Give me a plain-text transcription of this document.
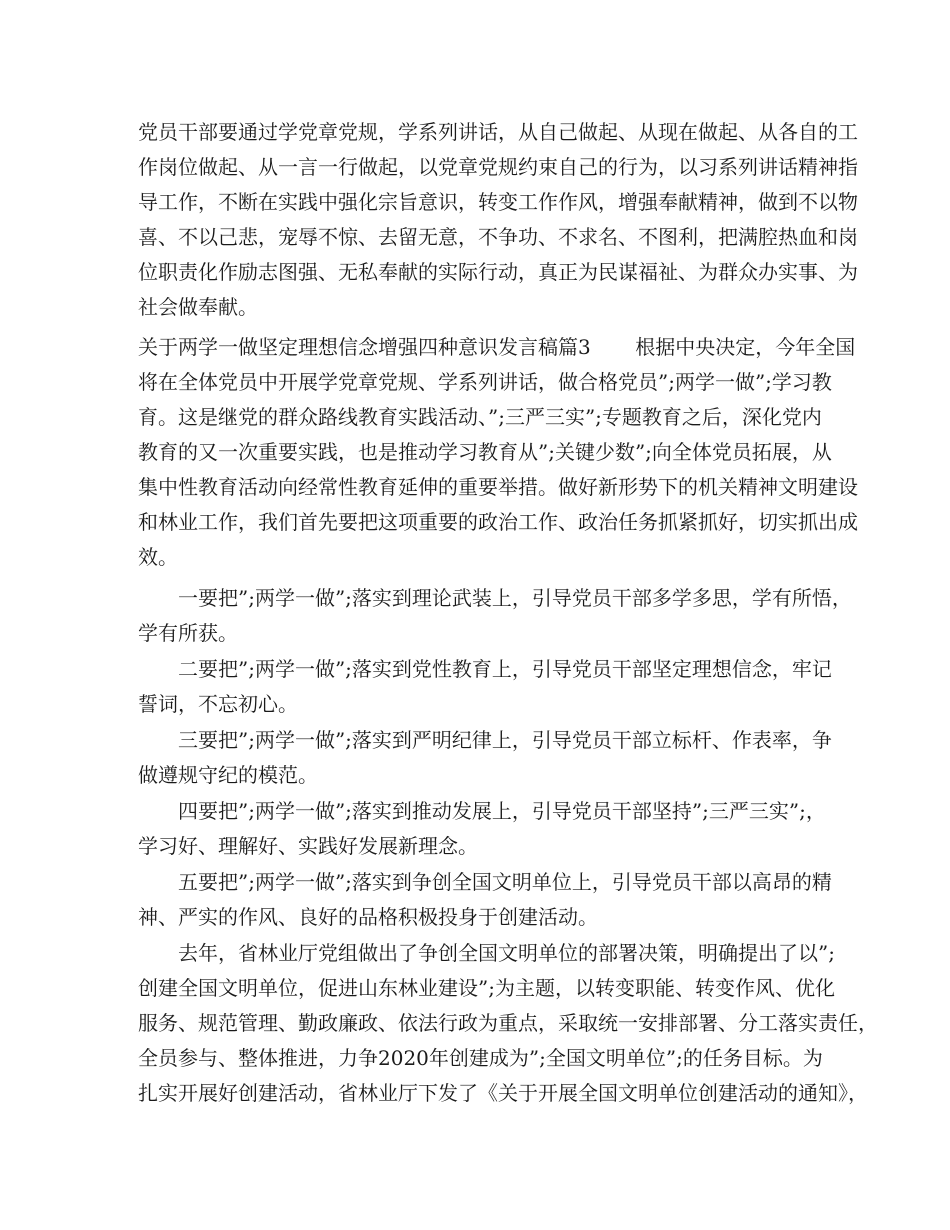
党员干部要通过学党章党规，学系列讲话，从自己做起、从现在做起、从各自的工

作岗位做起、从一言一行做起，以党章党规约束自己的行为，以习系列讲话精神指

导工作，不断在实践中强化宗旨意识，转变工作作风，增强奉献精神，做到不以物

喜、不以己悲，宠辱不惊、去留无意，不争功、不求名、不图利，把满腔热血和岗

位职责化作励志图强、无私奉献的实际行动，真正为民谋福祉、为群众办实事、为

社会做奉献。

关于两学一做坚定理想信念增强四种意识发言稿篇3       根据中央决定，今年全国

将在全体党员中开展学党章党规、学系列讲话，做合格党员”;两学一做”;学习教

育。这是继党的群众路线教育实践活动、”;三严三实”;专题教育之后，深化党内

教育的又一次重要实践，也是推动学习教育从”;关键少数”;向全体党员拓展，从

集中性教育活动向经常性教育延伸的重要举措。做好新形势下的机关精神文明建设

和林业工作，我们首先要把这项重要的政治工作、政治任务抓紧抓好，切实抓出成

效。

一要把”;两学一做”;落实到理论武装上，引导党员干部多学多思，学有所悟，

学有所获。

二要把”;两学一做”;落实到党性教育上，引导党员干部坚定理想信念，牢记

誓词，不忘初心。

三要把”;两学一做”;落实到严明纪律上，引导党员干部立标杆、作表率，争

做遵规守纪的模范。

四要把”;两学一做”;落实到推动发展上，引导党员干部坚持”;三严三实”;，

学习好、理解好、实践好发展新理念。

五要把”;两学一做”;落实到争创全国文明单位上，引导党员干部以高昂的精

神、严实的作风、良好的品格积极投身于创建活动。

去年，省林业厅党组做出了争创全国文明单位的部署决策，明确提出了以”;

创建全国文明单位，促进山东林业建设”;为主题，以转变职能、转变作风、优化

服务、规范管理、勤政廉政、依法行政为重点，采取统一安排部署、分工落实责任，

全员参与、整体推进，力争2020年创建成为”;全国文明单位”;的任务目标。为

扎实开展好创建活动，省林业厅下发了《关于开展全国文明单位创建活动的通知》，
